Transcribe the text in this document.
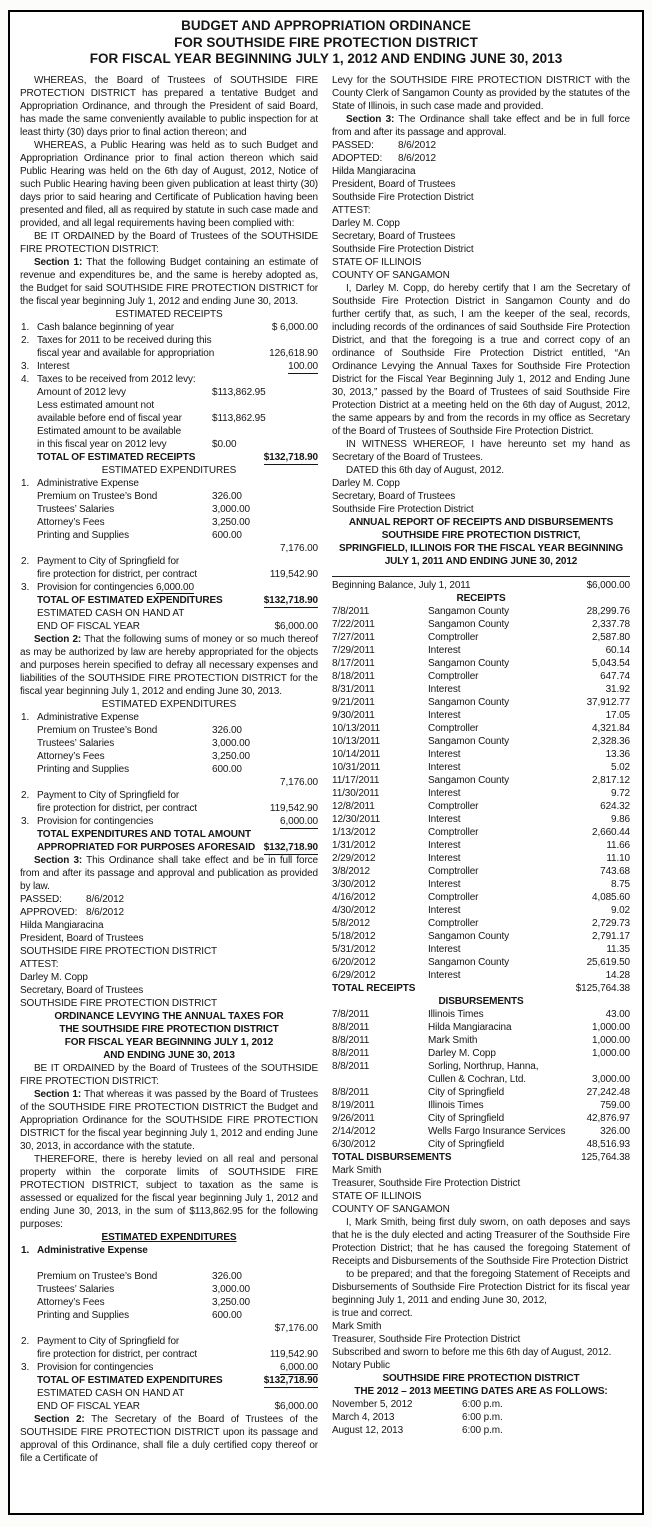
BUDGET AND APPROPRIATION ORDINANCE
FOR SOUTHSIDE FIRE PROTECTION DISTRICT
FOR FISCAL YEAR BEGINNING JULY 1, 2012 AND ENDING JUNE 30, 2013

WHEREAS, the Board of Trustees of SOUTHSIDE FIRE PROTECTION DISTRICT has prepared a tentative Budget and Appropriation Ordinance, and through the President of said Board, has made the same conveniently available to public inspection for at least thirty (30) days prior to final action thereon; and

WHEREAS, a Public Hearing was held as to such Budget and Appropriation Ordinance prior to final action thereon which said Public Hearing was held on the 6th day of August, 2012, Notice of such Public Hearing having been given publication at least thirty (30) days prior to said hearing and Certificate of Publication having been presented and filed, all as required by statute in such case made and provided, and all legal requirements having been complied with:

BE IT ORDAINED by the Board of Trustees of the SOUTHSIDE FIRE PROTECTION DISTRICT:

Section 1: That the following Budget containing an estimate of revenue and expenditures be, and the same is hereby adopted as, the Budget for said SOUTHSIDE FIRE PROTECTION DISTRICT for the fiscal year beginning July 1, 2012 and ending June 30, 2013.

ESTIMATED RECEIPTS
1. Cash balance beginning of year	$ 6,000.00
2. Taxes for 2011 to be received during this
fiscal year and available for appropriation	126,618.90
3. Interest	100.00
4. Taxes to be received from 2012 levy:
Amount of 2012 levy	$113,862.95
Less estimated amount not
available before end of fiscal year	$113,862.95
Estimated amount to be available
in this fiscal year on 2012 levy	$0.00
TOTAL OF ESTIMATED RECEIPTS	$132,718.90
ESTIMATED EXPENDITURES
1. Administrative Expense
Premium on Trustee’s Bond	326.00
Trustees’ Salaries	3,000.00
Attorney’s Fees	3,250.00
Printing and Supplies	600.00
7,176.00
2. Payment to City of Springfield for
fire protection for district, per contract	119,542.90
3. Provision for contingencies 6,000.00
TOTAL OF ESTIMATED EXPENDITURES	$132,718.90
ESTIMATED CASH ON HAND AT
END OF FISCAL YEAR	$6,000.00

Section 2: That the following sums of money or so much thereof as may be authorized by law are hereby appropriated for the objects and purposes herein specified to defray all necessary expenses and liabilities of the SOUTHSIDE FIRE PROTECTION DISTRICT for the fiscal year beginning July 1, 2012 and ending June 30, 2013.

ESTIMATED EXPENDITURES
1. Administrative Expense
Premium on Trustee’s Bond	326.00
Trustees’ Salaries	3,000.00
Attorney’s Fees	3,250.00
Printing and Supplies	600.00
7,176.00
2. Payment to City of Springfield for
fire protection for district, per contract	119,542.90
3. Provision for contingencies	6,000.00
TOTAL EXPENDITURES AND TOTAL AMOUNT
APPROPRIATED FOR PURPOSES AFORESAID $132,718.90

Section 3: This Ordinance shall take effect and be in full force from and after its passage and approval and publication as provided by law.

PASSED: 8/6/2012
APPROVED: 8/6/2012
Hilda Mangiaracina
President, Board of Trustees
SOUTHSIDE FIRE PROTECTION DISTRICT
ATTEST:
Darley M. Copp
Secretary, Board of Trustees
SOUTHSIDE FIRE PROTECTION DISTRICT
ORDINANCE LEVYING THE ANNUAL TAXES FOR
THE SOUTHSIDE FIRE PROTECTION DISTRICT
FOR FISCAL YEAR BEGINNING JULY 1, 2012
AND ENDING JUNE 30, 2013

BE IT ORDAINED by the Board of Trustees of the SOUTHSIDE FIRE PROTECTION DISTRICT:

Section 1: That whereas it was passed by the Board of Trustees of the SOUTHSIDE FIRE PROTECTION DISTRICT the Budget and Appropriation Ordinance for the SOUTHSIDE FIRE PROTECTION DISTRICT for the fiscal year beginning July 1, 2012 and ending June 30, 2013, in accordance with the statute.

THEREFORE, there is hereby levied on all real and personal property within the corporate limits of SOUTHSIDE FIRE PROTECTION DISTRICT, subject to taxation as the same is assessed or equalized for the fiscal year beginning July 1, 2012 and ending June 30, 2013, in the sum of $113,862.95 for the following purposes:

ESTIMATED EXPENDITURES
1. Administrative Expense
Premium on Trustee’s Bond	326.00
Trustees’ Salaries	3,000.00
Attorney’s Fees	3,250.00
Printing and Supplies	600.00
$7,176.00
2. Payment to City of Springfield for
fire protection for district, per contract	119,542.90
3. Provision for contingencies	6,000.00
TOTAL OF ESTIMATED EXPENDITURES	$132,718.90
ESTIMATED CASH ON HAND AT
END OF FISCAL YEAR	$6,000.00

Section 2: The Secretary of the Board of Trustees of the SOUTHSIDE FIRE PROTECTION DISTRICT upon its passage and approval of this Ordinance, shall file a duly certified copy thereof or file a Certificate of

Levy for the SOUTHSIDE FIRE PROTECTION DISTRICT with the County Clerk of Sangamon County as provided by the statutes of the State of Illinois, in such case made and provided.

Section 3: The Ordinance shall take effect and be in full force from and after its passage and approval.

PASSED: 8/6/2012
ADOPTED: 8/6/2012
Hilda Mangiaracina
President, Board of Trustees
Southside Fire Protection District
ATTEST:
Darley M. Copp
Secretary, Board of Trustees
Southside Fire Protection District
STATE OF ILLINOIS
COUNTY OF SANGAMON

I, Darley M. Copp, do hereby certify that I am the Secretary of Southside Fire Protection District in Sangamon County and do further certify that, as such, I am the keeper of the seal, records, including records of the ordinances of said Southside Fire Protection District, and that the foregoing is a true and correct copy of an ordinance of Southside Fire Protection District entitled, “An Ordinance Levying the Annual Taxes for Southside Fire Protection District for the Fiscal Year Beginning July 1, 2012 and Ending June 30, 2013,” passed by the Board of Trustees of said Southside Fire Protection District at a meeting held on the 6th day of August, 2012, the same appears by and from the records in my office as Secretary of the Board of Trustees of Southside Fire Protection District.

IN WITNESS WHEREOF, I have hereunto set my hand as Secretary of the Board of Trustees.

DATED this 6th day of August, 2012.

Darley M. Copp
Secretary, Board of Trustees
Southside Fire Protection District
ANNUAL REPORT OF RECEIPTS AND DISBURSEMENTS
SOUTHSIDE FIRE PROTECTION DISTRICT,
SPRINGFIELD, ILLINOIS FOR THE FISCAL YEAR BEGINNING
JULY 1, 2011 AND ENDING JUNE 30, 2012
Beginning Balance, July 1, 2011	$6,000.00
RECEIPTS
7/8/2011	Sangamon County	28,299.76
7/22/2011	Sangamon County	2,337.78
7/27/2011	Comptroller	2,587.80
7/29/2011	Interest	60.14
8/17/2011	Sangamon County	5,043.54
8/18/2011	Comptroller	647.74
8/31/2011	Interest	31.92
9/21/2011	Sangamon County	37,912.77
9/30/2011	Interest	17.05
10/13/2011	Comptroller	4,321.84
10/13/2011	Sangamon County	2,328.36
10/14/2011	Interest	13.36
10/31/2011	Interest	5.02
11/17/2011	Sangamon County	2,817.12
11/30/2011	Interest	9.72
12/8/2011	Comptroller	624.32
12/30/2011	Interest	9.86
1/13/2012	Comptroller	2,660.44
1/31/2012	Interest	11.66
2/29/2012	Interest	11.10
3/8/2012	Comptroller	743.68
3/30/2012	Interest	8.75
4/16/2012	Comptroller	4,085.60
4/30/2012	Interest	9.02
5/8/2012	Comptroller	2,729.73
5/18/2012	Sangamon County	2,791.17
5/31/2012	Interest	11.35
6/20/2012	Sangamon County	25,619.50
6/29/2012	Interest	14.28
TOTAL RECEIPTS	$125,764.38
DISBURSEMENTS
7/8/2011	Illinois Times	43.00
8/8/2011	Hilda Mangiaracina	1,000.00
8/8/2011	Mark Smith	1,000.00
8/8/2011	Darley M. Copp	1,000.00
8/8/2011	Sorling, Northrup, Hanna,
Cullen & Cochran, Ltd.	3,000.00
8/8/2011	City of Springfield	27,242.48
8/19/2011	Illinois Times	759.00
9/26/2011	City of Springfield	42,876.97
2/14/2012	Wells Fargo Insurance Services	326.00
6/30/2012	City of Springfield	48,516.93
TOTAL DISBURSEMENTS	125,764.38
Mark Smith
Treasurer, Southside Fire Protection District
STATE OF ILLINOIS
COUNTY OF SANGAMON

I, Mark Smith, being first duly sworn, on oath deposes and says that he is the duly elected and acting Treasurer of the Southside Fire Protection District; that he has caused the foregoing Statement of Receipts and Disbursements of the Southside Fire Protection District

to be prepared; and that the foregoing Statement of Receipts and Disbursements of Southside Fire Protection District for its fiscal year beginning July 1, 2011 and ending June 30, 2012,

is true and correct.

Mark Smith
Treasurer, Southside Fire Protection District
Subscribed and sworn to before me this 6th day of August, 2012.
Notary Public
SOUTHSIDE FIRE PROTECTION DISTRICT
THE 2012 – 2013 MEETING DATES ARE AS FOLLOWS:
November 5, 2012	6:00 p.m.
March 4, 2013	6:00 p.m.
August 12, 2013	6:00 p.m.
